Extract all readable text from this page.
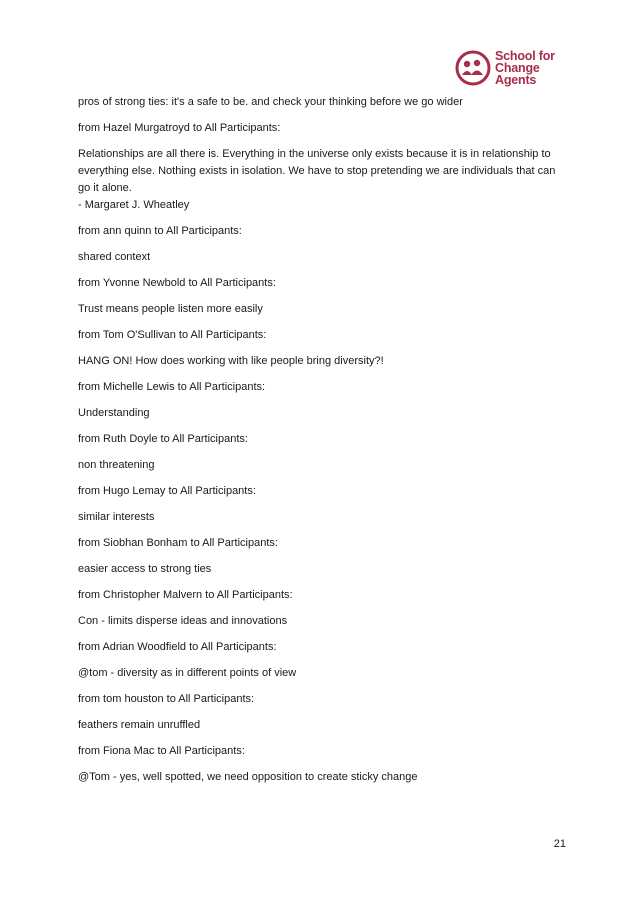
School for
Change
Agents
pros of strong ties: it's a safe to be. and check your thinking before we go wider
from Hazel Murgatroyd to All Participants:
Relationships are all there is. Everything in the universe only exists because it is in relationship to
everything else. Nothing exists in isolation. We have to stop pretending we are individuals that can
go it alone.
- Margaret J. Wheatley
from ann quinn to All Participants:
shared context
from Yvonne Newbold to All Participants:
Trust means people listen more easily
from Tom O'Sullivan to All Participants:
HANG ON! How does working with like people bring diversity?!
from Michelle Lewis to All Participants:
Understanding
from Ruth Doyle to All Participants:
non threatening
from Hugo Lemay to All Participants:
similar interests
from Siobhan Bonham to All Participants:
easier access to strong ties
from Christopher Malvern to All Participants:
Con - limits disperse ideas and innovations
from Adrian Woodfield to All Participants:
@tom - diversity as in different points of view
from tom houston to All Participants:
feathers remain unruffled
from Fiona Mac to All Participants:
@Tom - yes, well spotted, we need opposition to create sticky change
21
